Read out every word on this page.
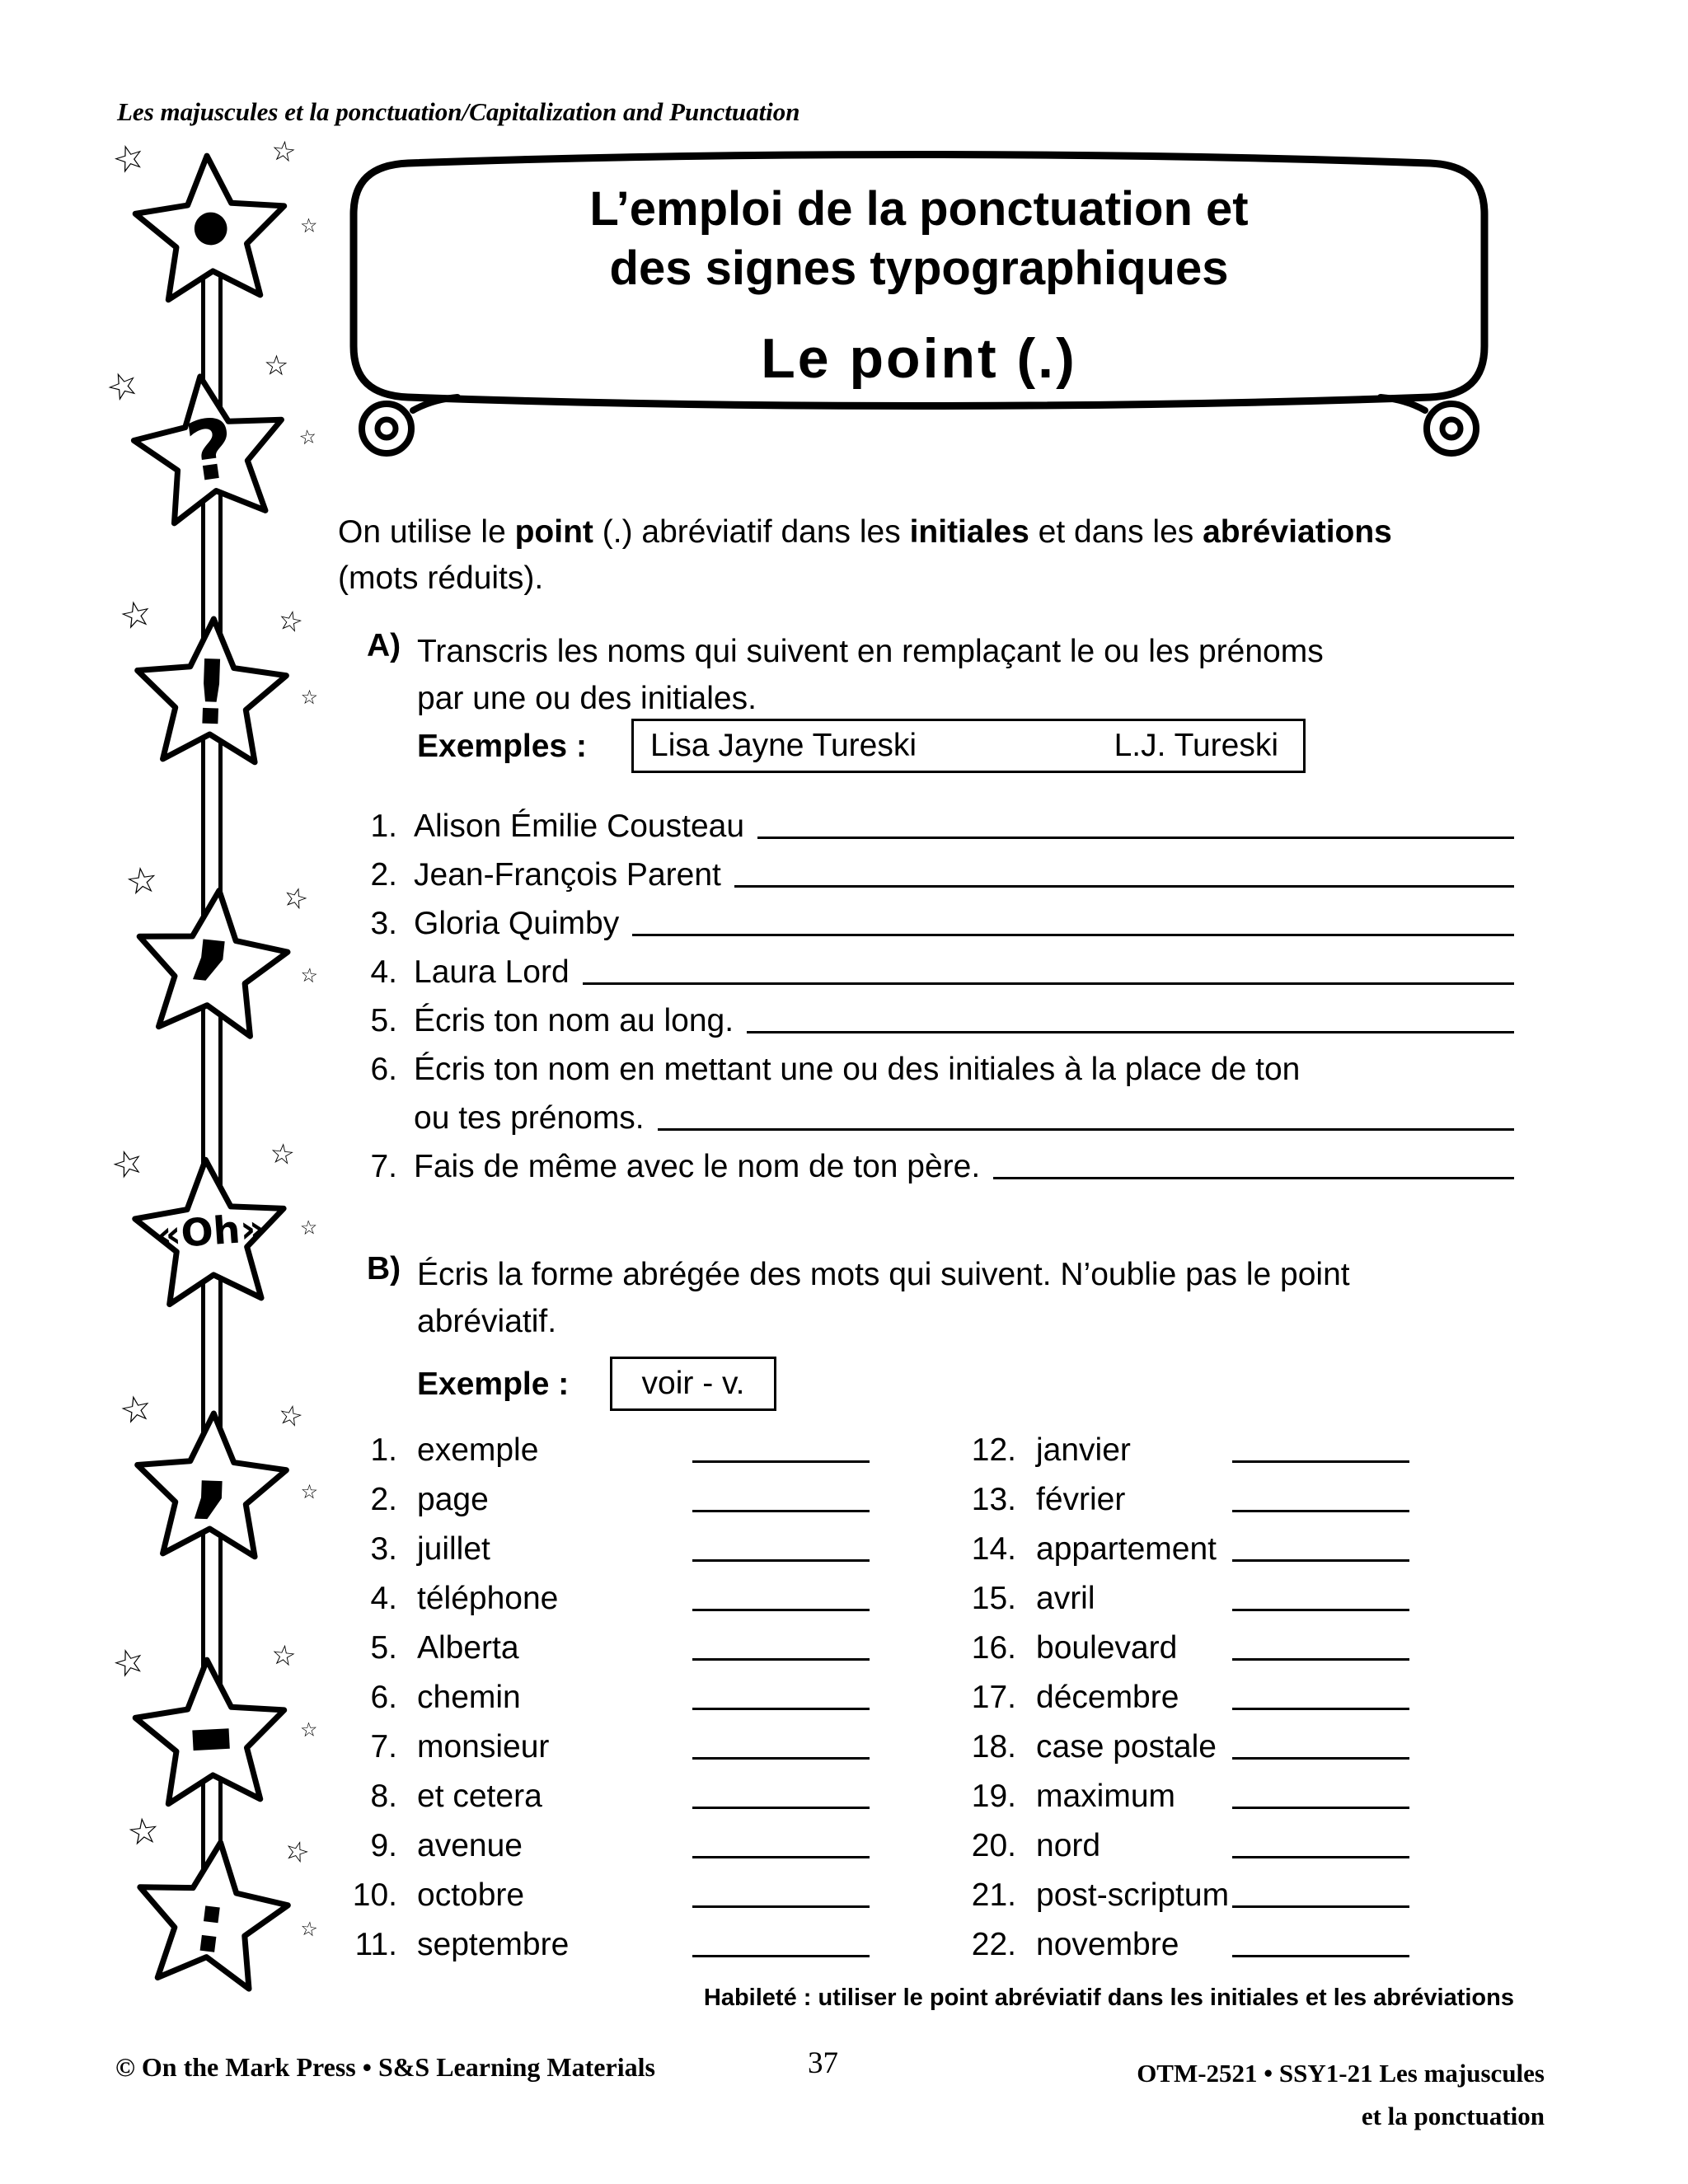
Les majuscules et la ponctuation/Capitalization and Punctuation
☆	☆
☆
●
☆	☆
☆
?
☆	☆
☆
!
☆	☆
☆
,
☆	☆
☆
«Oh»
☆	☆
☆
’
☆	☆
☆
▬
☆	☆
☆
:
L’emploi de la ponctuation et
des signes typographiques
Le point (.)
On utilise le point (.) abréviatif dans les initiales et dans les abréviations
(mots réduits).
A) Transcris les noms qui suivent en remplaçant le ou les prénoms
par une ou des initiales.
Exemples : Lisa Jayne Tureski	L.J. Tureski
1. Alison Émilie Cousteau
2. Jean-François Parent
3. Gloria Quimby
4. Laura Lord
5. Écris ton nom au long.
6. Écris ton nom en mettant une ou des initiales à la place de ton
ou tes prénoms.
7. Fais de même avec le nom de ton père.
B) Écris la forme abrégée des mots qui suivent. N’oublie pas le point
abréviatif.
Exemple : voir - v.
1. exemple
2. page
3. juillet
4. téléphone
5. Alberta
6. chemin
7. monsieur
8. et cetera
9. avenue
10. octobre
11. septembre
12. janvier
13. février
14. appartement
15. avril
16. boulevard
17. décembre
18. case postale
19. maximum
20. nord
21. post-scriptum
22. novembre
Habileté : utiliser le point abréviatif dans les initiales et les abréviations
© On the Mark Press • S&S Learning Materials	37	OTM-2521 • SSY1-21 Les majuscules
et la ponctuation
